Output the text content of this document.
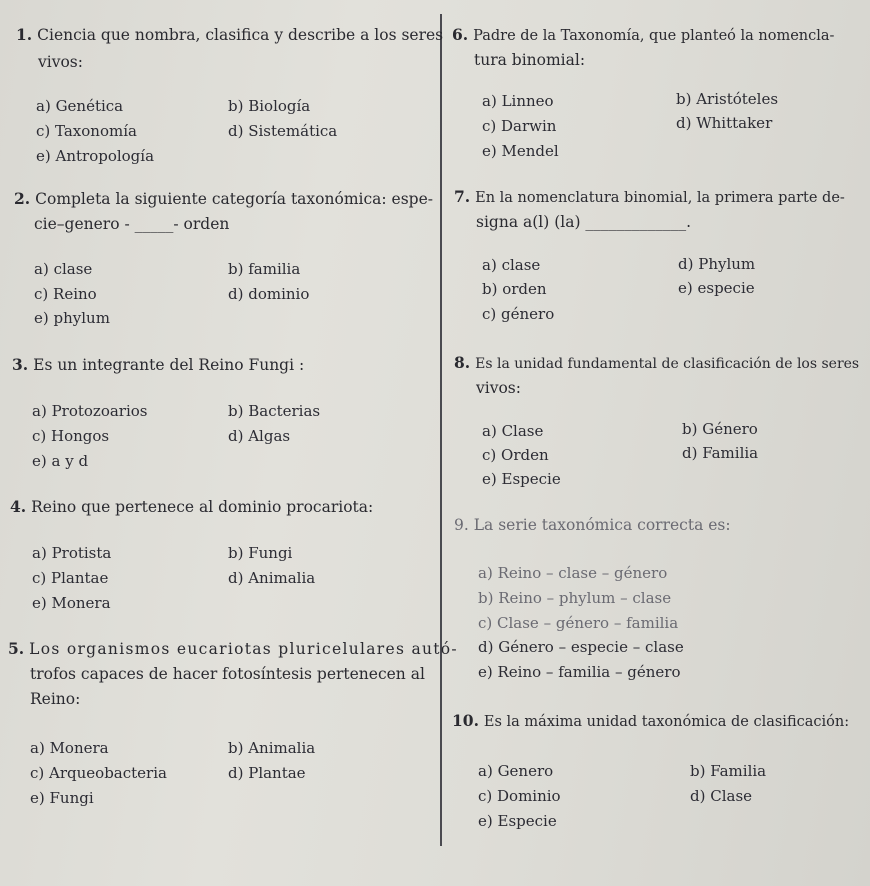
1. Ciencia que nombra, clasifica y describe a los seres
vivos:
a) Genética	b) Biología
c) Taxonomía	d) Sistemática
e) Antropología
2. Completa la siguiente categoría taxonómica: espe-
cie–genero - _____- orden
a) clase	b) familia
c) Reino	d) dominio
e) phylum
3. Es un integrante del Reino Fungi :
a) Protozoarios	b) Bacterias
c) Hongos	d) Algas
e) a y d
4. Reino que pertenece al dominio procariota:
a) Protista	b) Fungi
c) Plantae	d) Animalia
e) Monera
5. Los organismos eucariotas pluricelulares autó-
trofos capaces de hacer fotosíntesis pertenecen al
Reino:
a) Monera	b) Animalia
c) Arqueobacteria	d) Plantae
e) Fungi
6. Padre de la Taxonomía, que planteó la nomencla-
tura binomial:
a) Linneo	b) Aristóteles
c) Darwin	d) Whittaker
e) Mendel
7. En la nomenclatura binomial, la primera parte de-
signa a(l) (la) _____________.
a) clase	d) Phylum
b) orden	e) especie
c) género
8. Es la unidad fundamental de clasificación de los seres
vivos:
a) Clase	b) Género
c) Orden	d) Familia
e) Especie
9. La serie taxonómica correcta es:
a) Reino – clase – género
b) Reino – phylum – clase
c) Clase – género – familia
d) Género – especie – clase
e) Reino – familia – género
10. Es la máxima unidad taxonómica de clasificación:
a) Genero	b) Familia
c) Dominio	d) Clase
e) Especie
